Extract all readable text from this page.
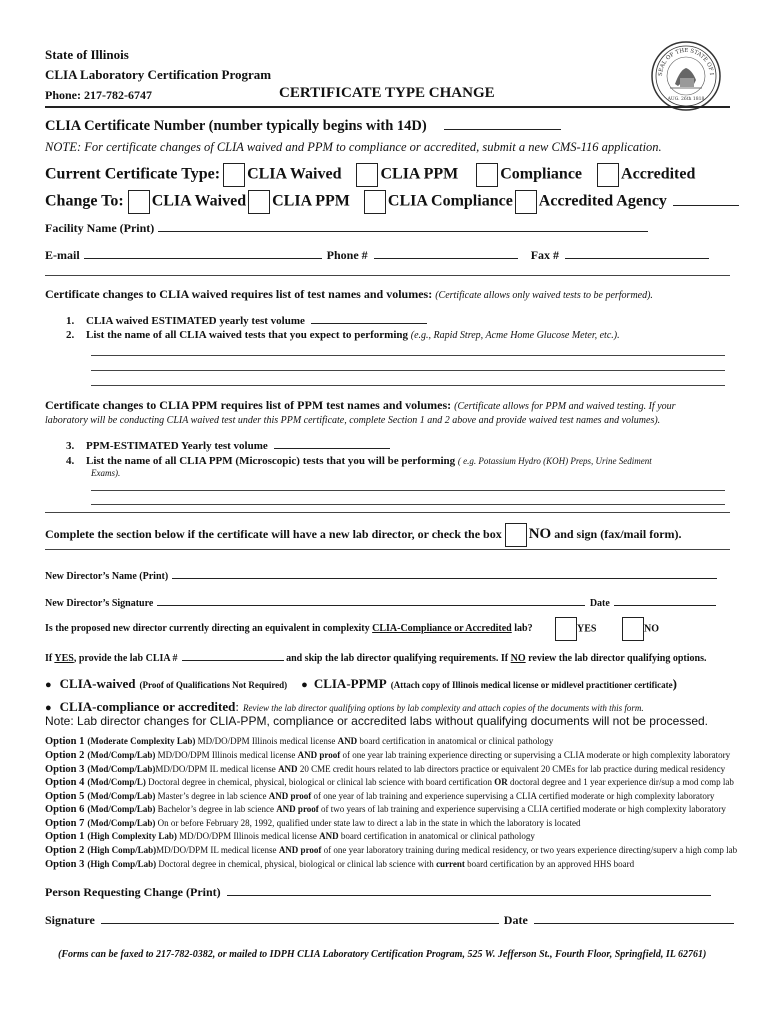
State of Illinois
CLIA Laboratory Certification Program
Phone: 217-782-6747	CERTIFICATE TYPE CHANGE
SEAL OF THE STATE OF I
AUG. 26th 1818
CLIA Certificate Number (number typically begins with 14D)
NOTE: For certificate changes of CLIA waived and PPM to compliance or accredited, submit a new CMS-116 application.
Current Certificate Type: CLIA Waived CLIA PPM	Compliance Accredited
Change To: CLIA Waived CLIA PPM CLIA Compliance Accredited Agency
Facility Name (Print)
E-mail	Phone #	Fax #
Certificate changes to CLIA waived requires list of test names and volumes: (Certificate allows only waived tests to be performed).
1. CLIA waived ESTIMATED yearly test volume
2. List the name of all CLIA waived tests that you expect to performing (e.g., Rapid Strep, Acme Home Glucose Meter, etc.).
Certificate changes to CLIA PPM requires list of PPM test names and volumes: (Certificate allows for PPM and waived testing. If your
laboratory will be conducting CLIA waived test under this PPM certificate, complete Section 1 and 2 above and provide waived test names and volumes).
3. PPM-ESTIMATED Yearly test volume
4. List the name of all CLIA PPM (Microscopic) tests that you will be performing ( e.g. Potassium Hydro (KOH) Preps, Urine Sediment
Exams).
Complete the section below if the certificate will have a new lab director, or check the box NO and sign (fax/mail form).
New Director’s Name (Print)
New Director’s Signature	Date
Is the proposed new director currently directing an equivalent in complexity CLIA-Compliance or Accredited lab?	YES	NO
If YES, provide the lab CLIA #	and skip the lab director qualifying requirements. If NO review the lab director qualifying options.
● CLIA-waived (Proof of Qualifications Not Required) ● CLIA-PPMP (Attach copy of Illinois medical license or midlevel practitioner certificate)
● CLIA-compliance or accredited: Review the lab director qualifying options by lab complexity and attach copies of the documents with this form.
Note: Lab director changes for CLIA-PPM, compliance or accredited labs without qualifying documents will not be processed.
Option 1 (Moderate Complexity Lab) MD/DO/DPM Illinois medical license AND board certification in anatomical or clinical pathology
Option 2 (Mod/Comp/Lab) MD/DO/DPM Illinois medical license AND proof of one year lab training experience directing or supervising a CLIA moderate or high complexity laboratory
Option 3 (Mod/Comp/Lab)MD/DO/DPM IL medical license AND 20 CME credit hours related to lab directors practice or equivalent 20 CMEs for lab practice during medical residency
Option 4 (Mod/Comp/L) Doctoral degree in chemical, physical, biological or clinical lab science with board certification OR doctoral degree and 1 year experience dir/sup a mod comp lab
Option 5 (Mod/Comp/Lab) Master’s degree in lab science AND proof of one year of lab training and experience supervising a CLIA certified moderate or high complexity laboratory
Option 6 (Mod/Comp/Lab) Bachelor’s degree in lab science AND proof of two years of lab training and experience supervising a CLIA certified moderate or high complexity laboratory
Option 7 (Mod/Comp/Lab) On or before February 28, 1992, qualified under state law to direct a lab in the state in which the laboratory is located
Option 1 (High Complexity Lab) MD/DO/DPM Illinois medical license AND board certification in anatomical or clinical pathology
Option 2 (High Comp/Lab)MD/DO/DPM IL medical license AND proof of one year laboratory training during medical residency, or two years experience directing/superv a high comp lab
Option 3 (High Comp/Lab) Doctoral degree in chemical, physical, biological or clinical lab science with current board certification by an approved HHS board
Person Requesting Change (Print)
Signature	Date
(Forms can be faxed to 217-782-0382, or mailed to IDPH CLIA Laboratory Certification Program, 525 W. Jefferson St., Fourth Floor, Springfield, IL 62761)
